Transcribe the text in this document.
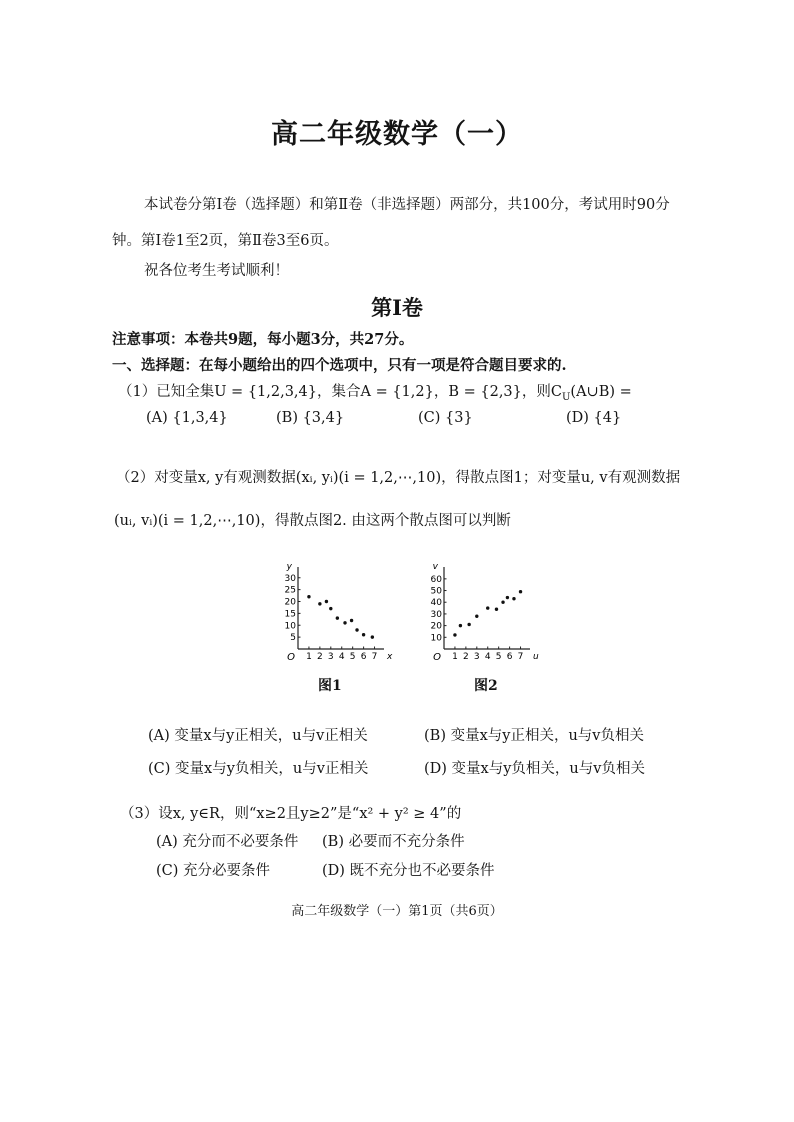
高二年级数学（一）
本试卷分第Ⅰ卷（选择题）和第Ⅱ卷（非选择题）两部分，共100分，考试用时90分
钟。第Ⅰ卷1至2页，第Ⅱ卷3至6页。
祝各位考生考试顺利！
第Ⅰ卷
注意事项：本卷共9题，每小题3分，共27分。
一、选择题：在每小题给出的四个选项中，只有一项是符合题目要求的.
（1）已知全集U = {1,2,3,4}，集合A = {1,2}，B = {2,3}，则$C_U(A\cup B)$ =
(A) {1,3,4}	(B) {3,4}	(C) {3}	(D) {4}
（2）对变量x, y有观测数据(xᵢ, yᵢ)(i = 1,2,⋯,10)，得散点图1；对变量u, v有观测数据
(uᵢ, vᵢ)(i = 1,2,⋯,10)，得散点图2. 由这两个散点图可以判断
y
x
O 1 2 3 4 5 6 7
5
10
15
20
25
30
图1
v
u
O 1 2 3 4 5 6 7
10
20
30
40
50
60
图2
(A) 变量x与y正相关，u与v正相关	(B) 变量x与y正相关，u与v负相关
(C) 变量x与y负相关，u与v正相关	(D) 变量x与y负相关，u与v负相关
（3）设x, y∈R，则“x≥2且y≥2”是“x² + y² ≥ 4”的
(A) 充分而不必要条件 (B) 必要而不充分条件
(C) 充分必要条件	(D) 既不充分也不必要条件
高二年级数学（一）第1页（共6页）
